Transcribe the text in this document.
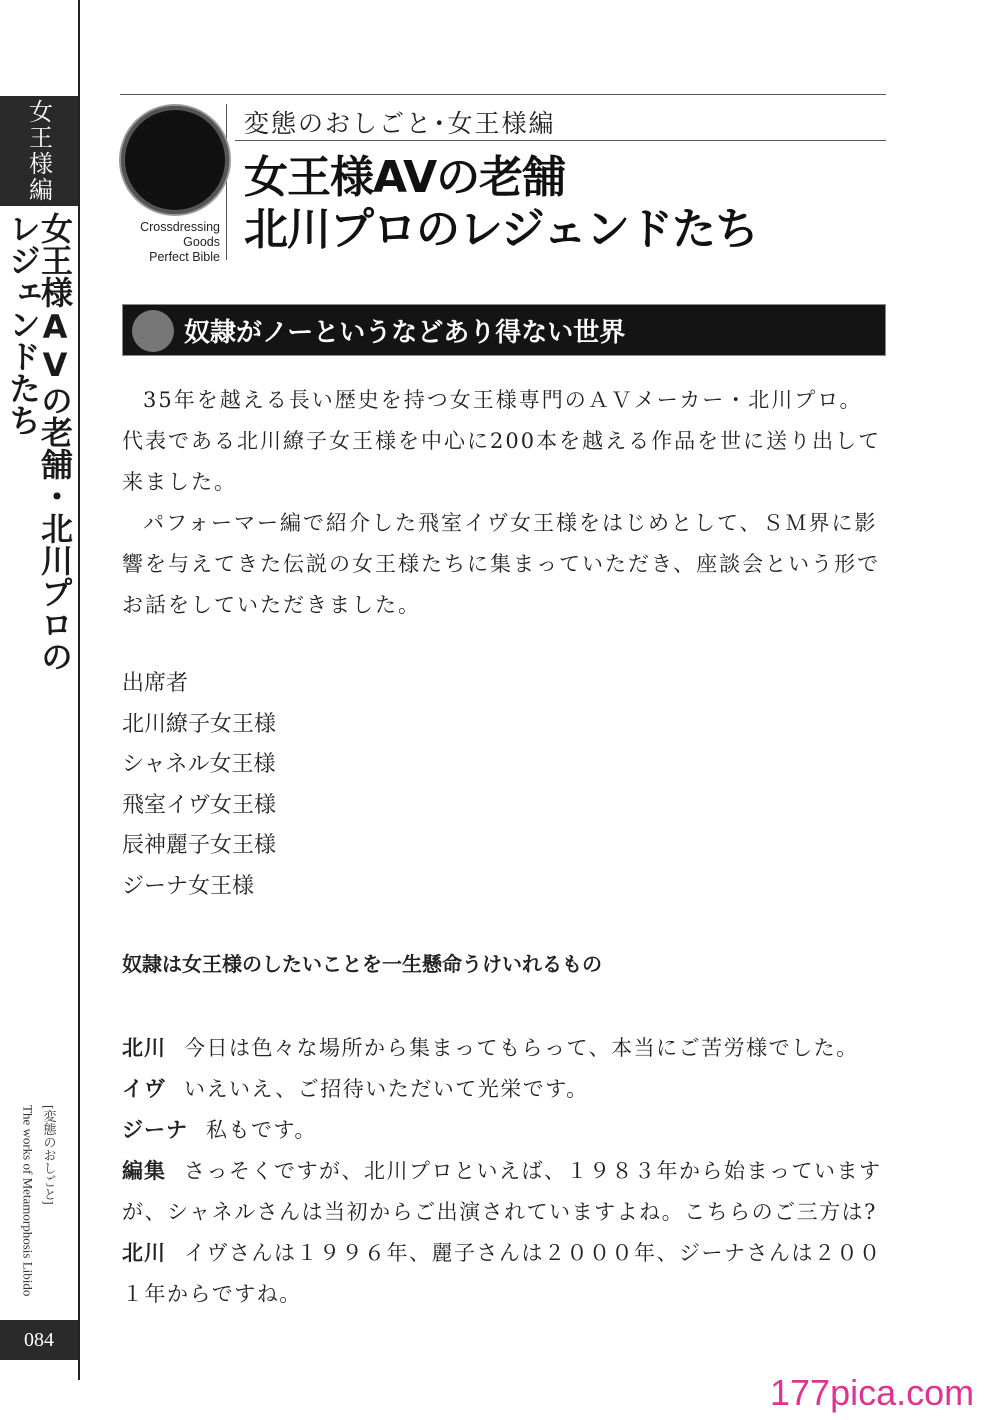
女王様編
女王様AVの老舗・北川プロのレジェンドたち
The works of Metamorphosis Libido [変態のおしごと]
084
変態のおしごと･女王様編
女王様AVの老舗
北川プロのレジェンドたち
Crossdressing
Goods
Perfect Bible
奴隷がノーというなどあり得ない世界

35年を越える長い歴史を持つ女王様専門のＡＶメーカー・北川プロ。代表である北川繚子女王様を中心に200本を越える作品を世に送り出して来ました。

パフォーマー編で紹介した飛室イヴ女王様をはじめとして、ＳＭ界に影響を与えてきた伝説の女王様たちに集まっていただき、座談会という形でお話をしていただきました。

出席者
北川繚子女王様
シャネル女王様
飛室イヴ女王様
辰神麗子女王様
ジーナ女王様
奴隷は女王様のしたいことを一生懸命うけいれるもの
北川 今日は色々な場所から集まってもらって、本当にご苦労様でした。
イヴ いえいえ、ご招待いただいて光栄です。
ジーナ 私もです。
編集 さっそくですが、北川プロといえば、１９８３年から始まっていますが、シャネルさんは当初からご出演されていますよね。こちらのご三方は?
北川 イヴさんは１９９６年、麗子さんは２０００年、ジーナさんは２００１年からですね。
177pica.com
